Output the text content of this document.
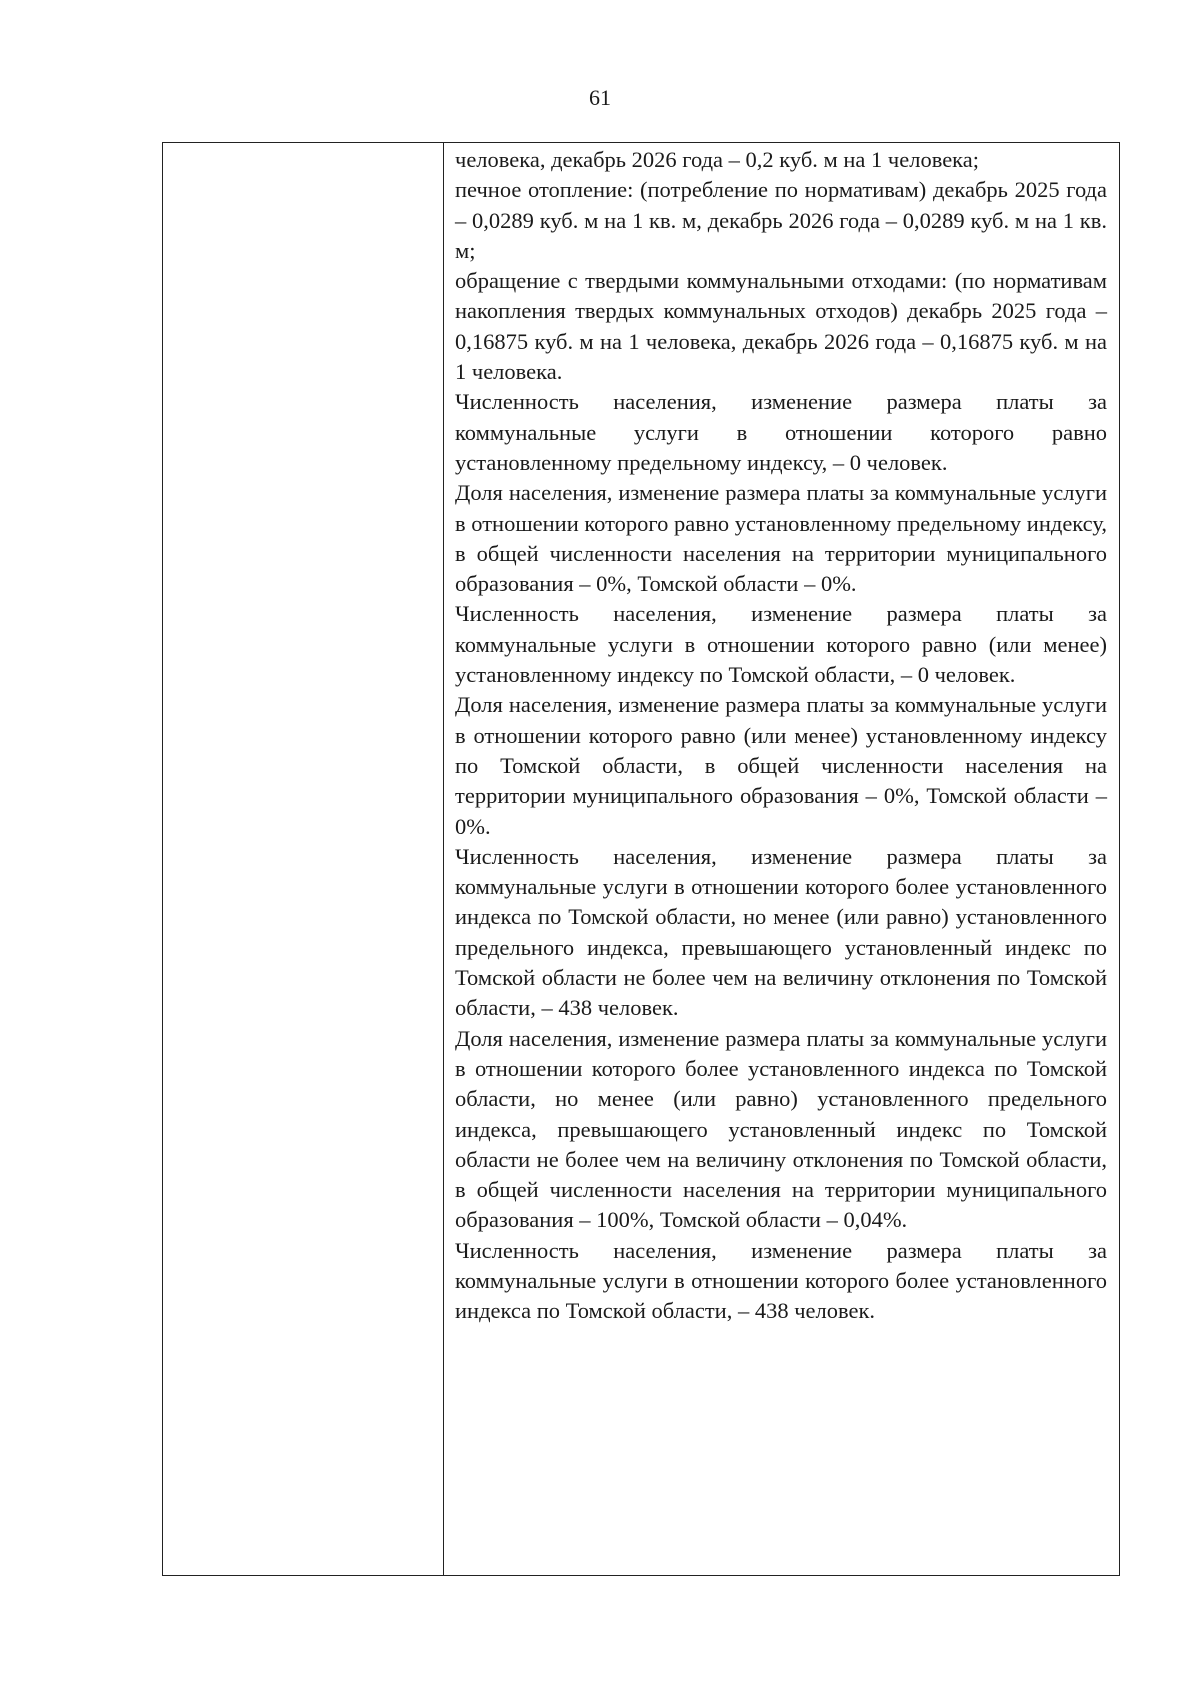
61

человека, декабрь 2026 года – 0,2 куб. м на 1 человека;

печное отопление: (потребление по нормативам) декабрь 2025 года – 0,0289 куб. м на 1 кв. м, декабрь 2026 года – 0,0289 куб. м на 1 кв. м;

обращение с твердыми коммунальными отходами: (по нормативам накопления твердых коммунальных отходов) декабрь 2025 года – 0,16875 куб. м на 1 человека, декабрь 2026 года – 0,16875 куб. м на 1 человека.

Численность населения, изменение размера платы за коммунальные услуги в отношении которого равно установленному предельному индексу, – 0 человек.

Доля населения, изменение размера платы за коммунальные услуги в отношении которого равно установленному предельному индексу, в общей численности населения на территории муниципального образования – 0%, Томской области – 0%.

Численность населения, изменение размера платы за коммунальные услуги в отношении которого равно (или менее) установленному индексу по Томской области, – 0 человек.

Доля населения, изменение размера платы за коммунальные услуги в отношении которого равно (или менее) установленному индексу по Томской области, в общей численности населения на территории муниципального образования – 0%, Томской области – 0%.

Численность населения, изменение размера платы за коммунальные услуги в отношении которого более установленного индекса по Томской области, но менее (или равно) установленного предельного индекса, превышающего установленный индекс по Томской области не более чем на величину отклонения по Томской области, – 438 человек.

Доля населения, изменение размера платы за коммунальные услуги в отношении которого более установленного индекса по Томской области, но менее (или равно) установленного предельного индекса, превышающего установленный индекс по Томской области не более чем на величину отклонения по Томской области, в общей численности населения на территории муниципального образования – 100%, Томской области – 0,04%.

Численность населения, изменение размера платы за коммунальные услуги в отношении которого более установленного индекса по Томской области, – 438 человек.
